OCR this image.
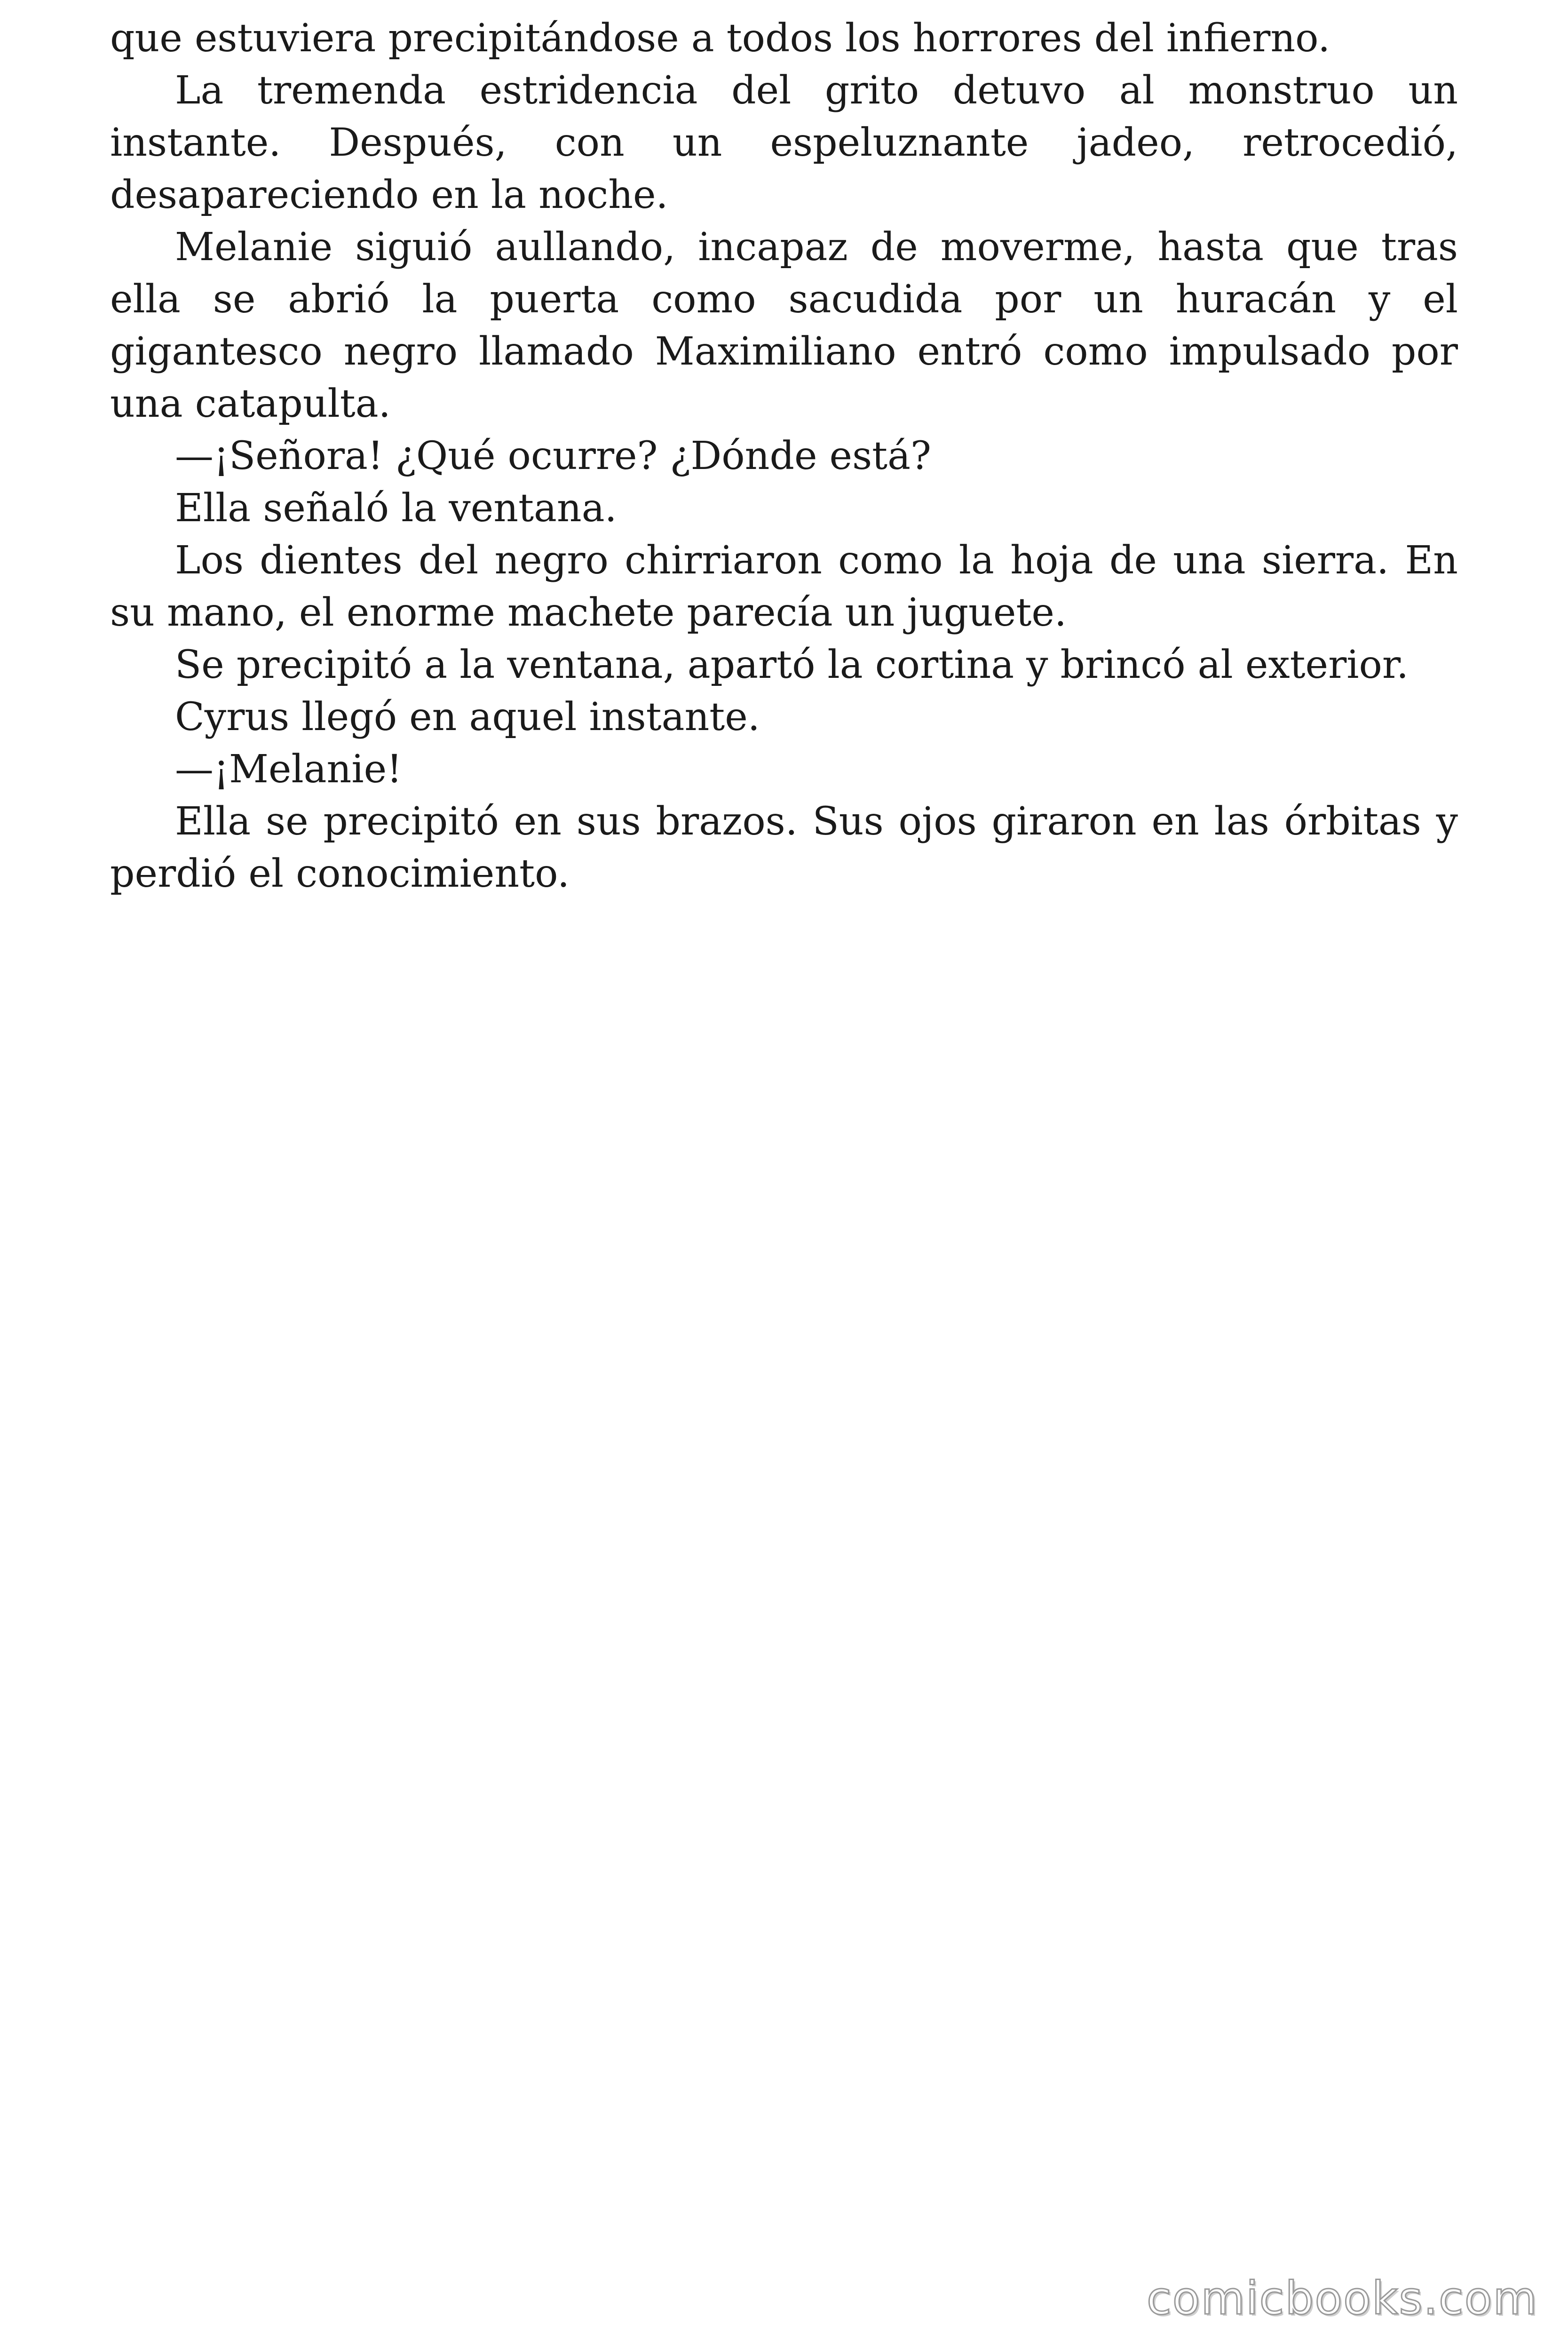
que estuviera precipitándose a todos los horrores del infierno.

La tremenda estridencia del grito detuvo al monstruo un instante. Después, con un espeluznante jadeo, retrocedió, desapareciendo en la noche.

Melanie siguió aullando, incapaz de moverme, hasta que tras ella se abrió la puerta como sacudida por un huracán y el gigantesco negro llamado Maximiliano entró como impulsado por una catapulta.

—¡Señora! ¿Qué ocurre? ¿Dónde está?

Ella señaló la ventana.

Los dientes del negro chirriaron como la hoja de una sierra. En su mano, el enorme machete parecía un juguete.

Se precipitó a la ventana, apartó la cortina y brincó al exterior.

Cyrus llegó en aquel instante.

—¡Melanie!

Ella se precipitó en sus brazos. Sus ojos giraron en las órbitas y perdió el conocimiento.

comicbooks.com
